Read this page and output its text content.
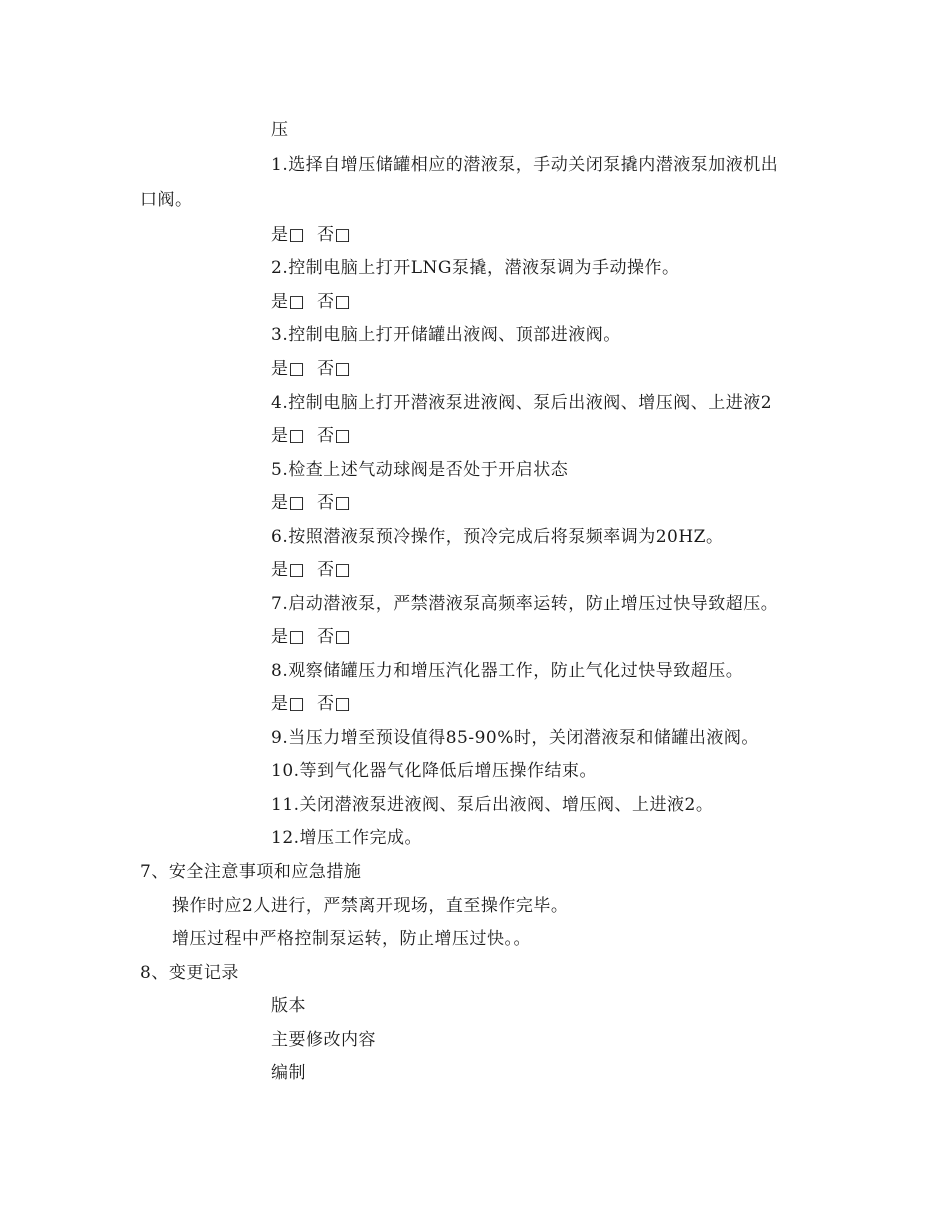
压
1.选择自增压储罐相应的潜液泵，手动关闭泵撬内潜液泵加液机出
口阀。
是□ 否□
2.控制电脑上打开LNG泵撬，潜液泵调为手动操作。
是□ 否□
3.控制电脑上打开储罐出液阀、顶部进液阀。
是□ 否□
4.控制电脑上打开潜液泵进液阀、泵后出液阀、增压阀、上进液2
是□ 否□
5.检查上述气动球阀是否处于开启状态
是□ 否□
6.按照潜液泵预冷操作，预冷完成后将泵频率调为20HZ。
是□ 否□
7.启动潜液泵，严禁潜液泵高频率运转，防止增压过快导致超压。
是□ 否□
8.观察储罐压力和增压汽化器工作，防止气化过快导致超压。
是□ 否□
9.当压力增至预设值得85-90%时，关闭潜液泵和储罐出液阀。
10.等到气化器气化降低后增压操作结束。
11.关闭潜液泵进液阀、泵后出液阀、增压阀、上进液2。
12.增压工作完成。
7、安全注意事项和应急措施
操作时应2人进行，严禁离开现场，直至操作完毕。
增压过程中严格控制泵运转，防止增压过快。。
8、变更记录
版本
主要修改内容
编制
